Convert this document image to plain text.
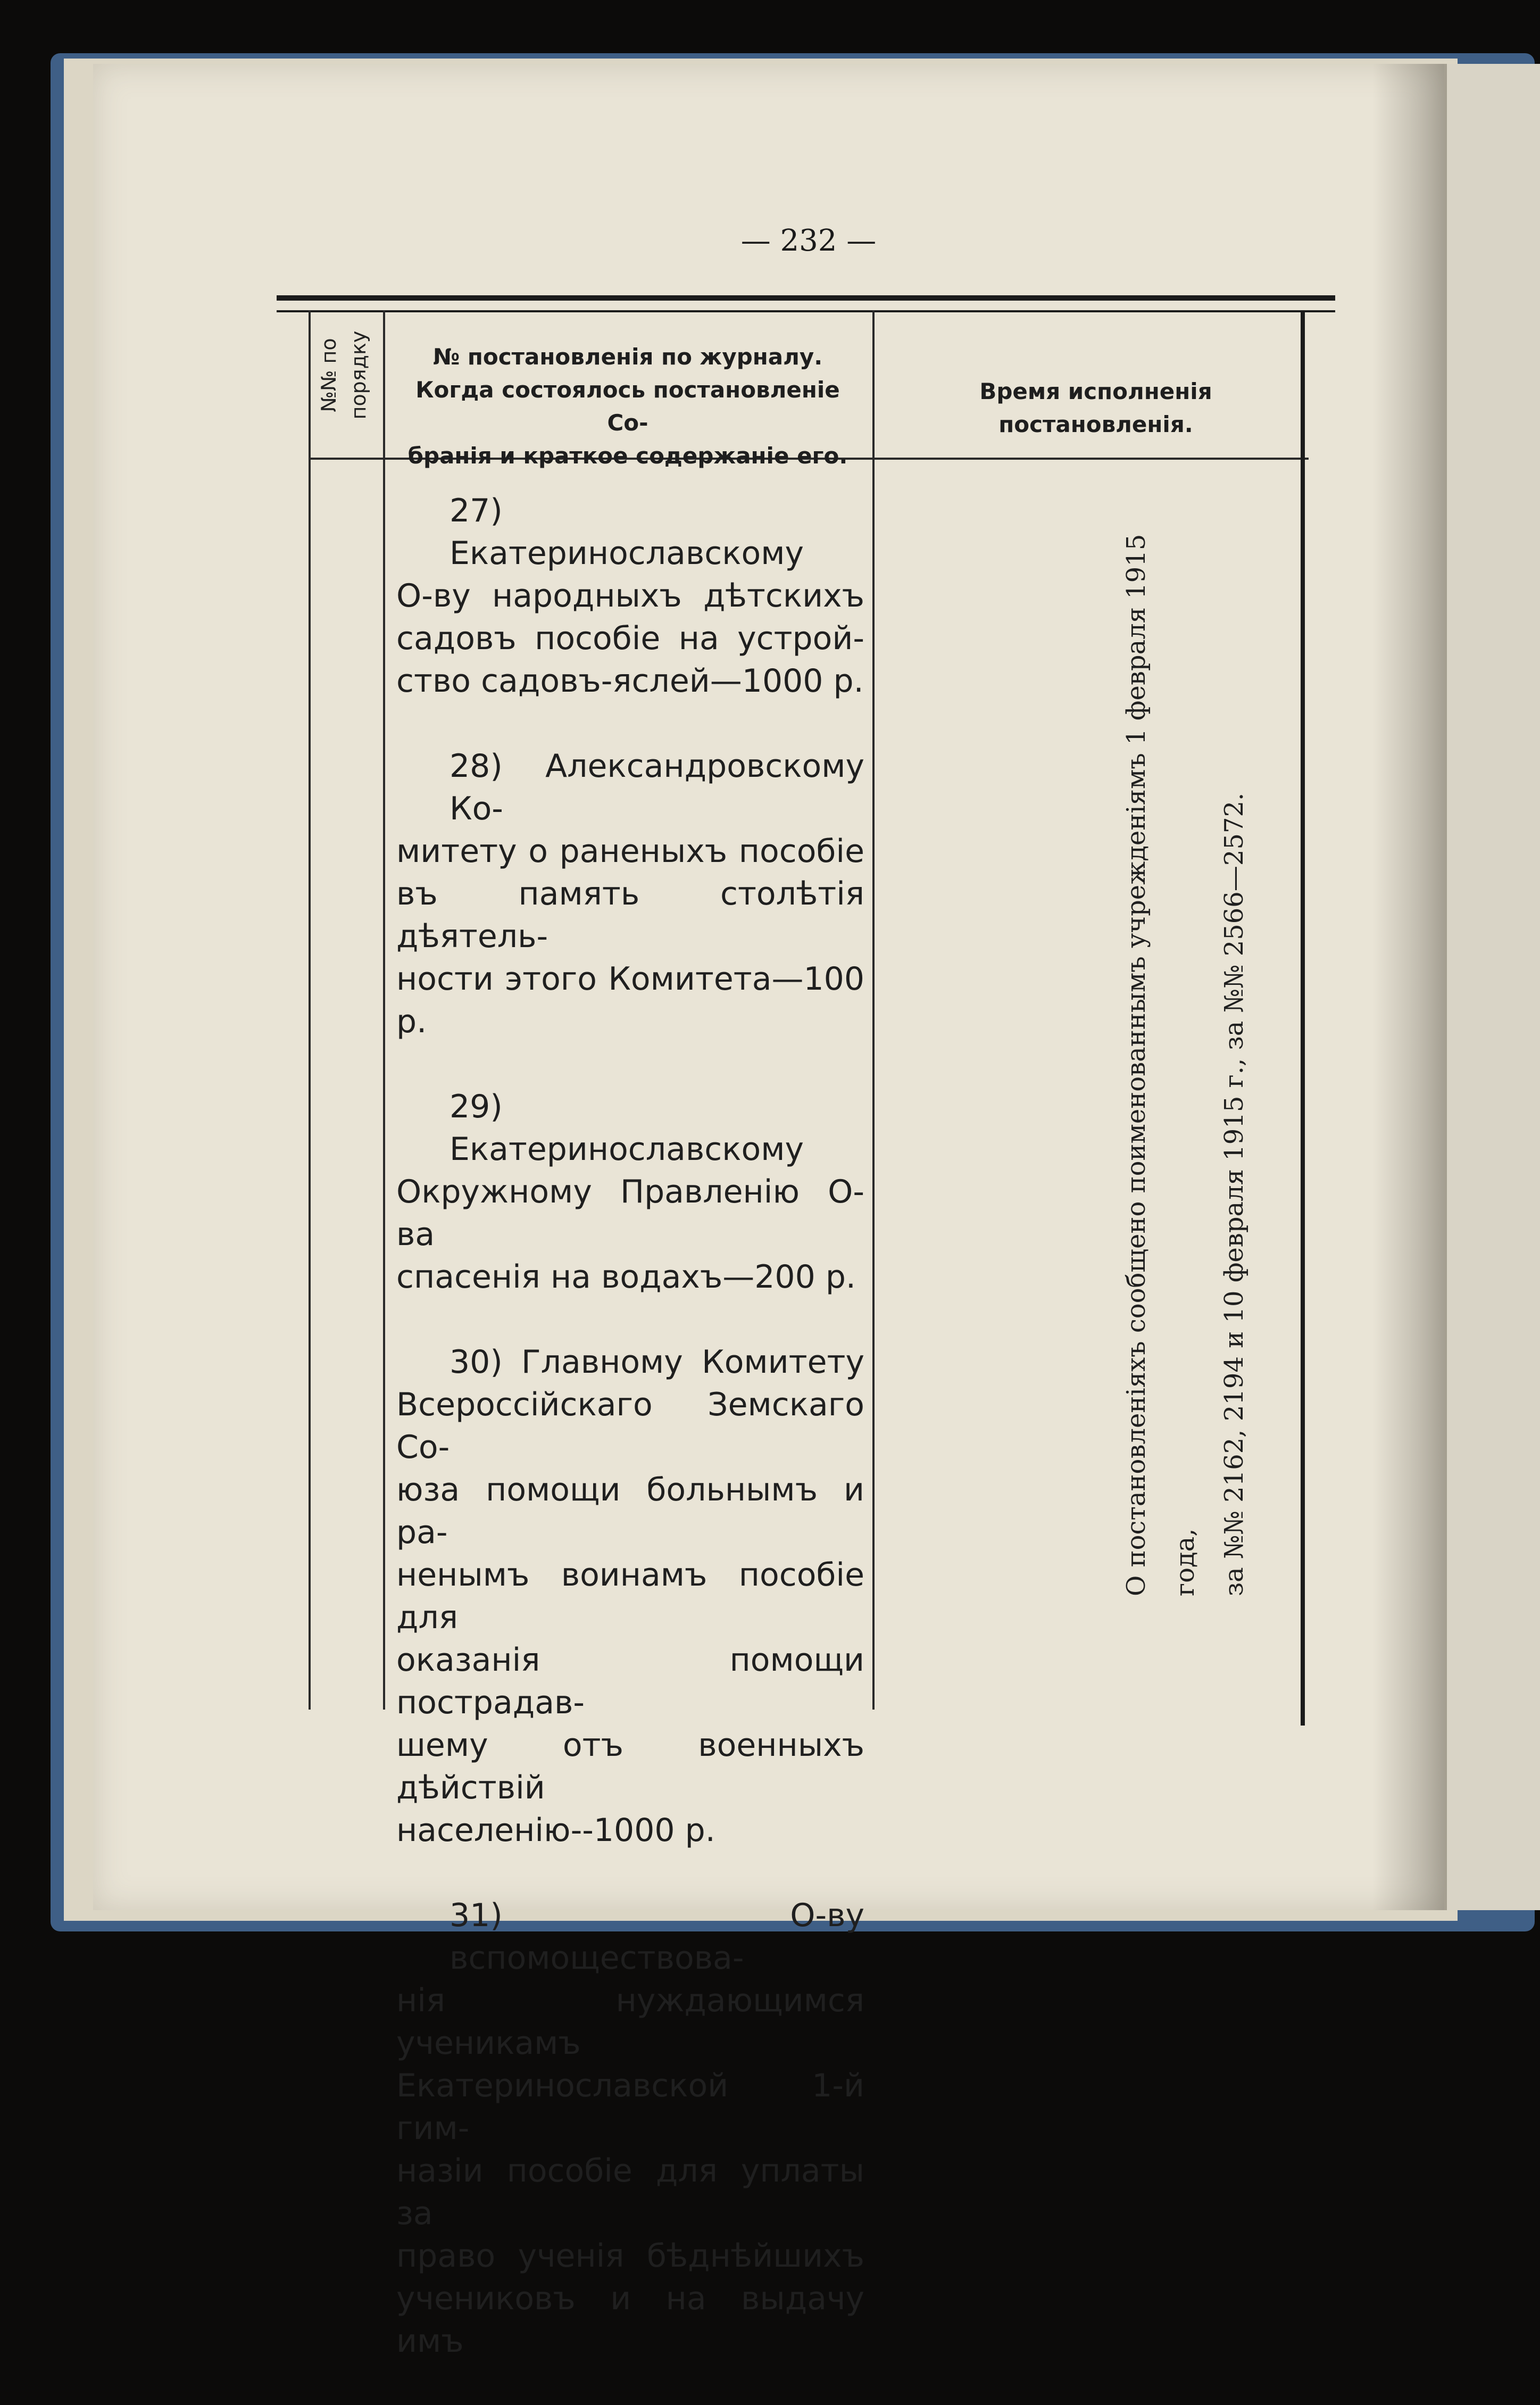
— 232 —
№№ по порядку	№ постановленія по журналу.
Когда состоялось постановленіе Со-
бранія и краткое содержаніе его.
Время исполненія постановленія.
27) Екатеринославскому
О-ву народныхъ дѣтскихъ
садовъ пособіе на устрой-
ство садовъ-яслей—1000 р.
28) Александровскому Ко-
митету о раненыхъ пособіе
въ память столѣтія дѣятель-
ности этого Комитета—100 р.
29) Екатеринославскому
Окружному Правленію О-ва
спасенія на водахъ—200 р.
30) Главному Комитету
Всероссійскаго Земскаго Со-
юза помощи больнымъ и ра-
ненымъ воинамъ пособіе для
оказанія помощи пострадав-
шему отъ военныхъ дѣйствій
населенію--1000 р.
31) О-ву вспомоществова-
нія нуждающимся ученикамъ
Екатеринославской 1-й гим-
назіи пособіе для уплаты за
право ученія бѣднѣйшихъ
учениковъ и на выдачу имъ
О постановленіяхъ сообщено поименованнымъ учрежденіямъ 1 февраля 1915 года, за №№ 2162, 2194 и 10 февраля 1915 г., за №№ 2566—2572.
